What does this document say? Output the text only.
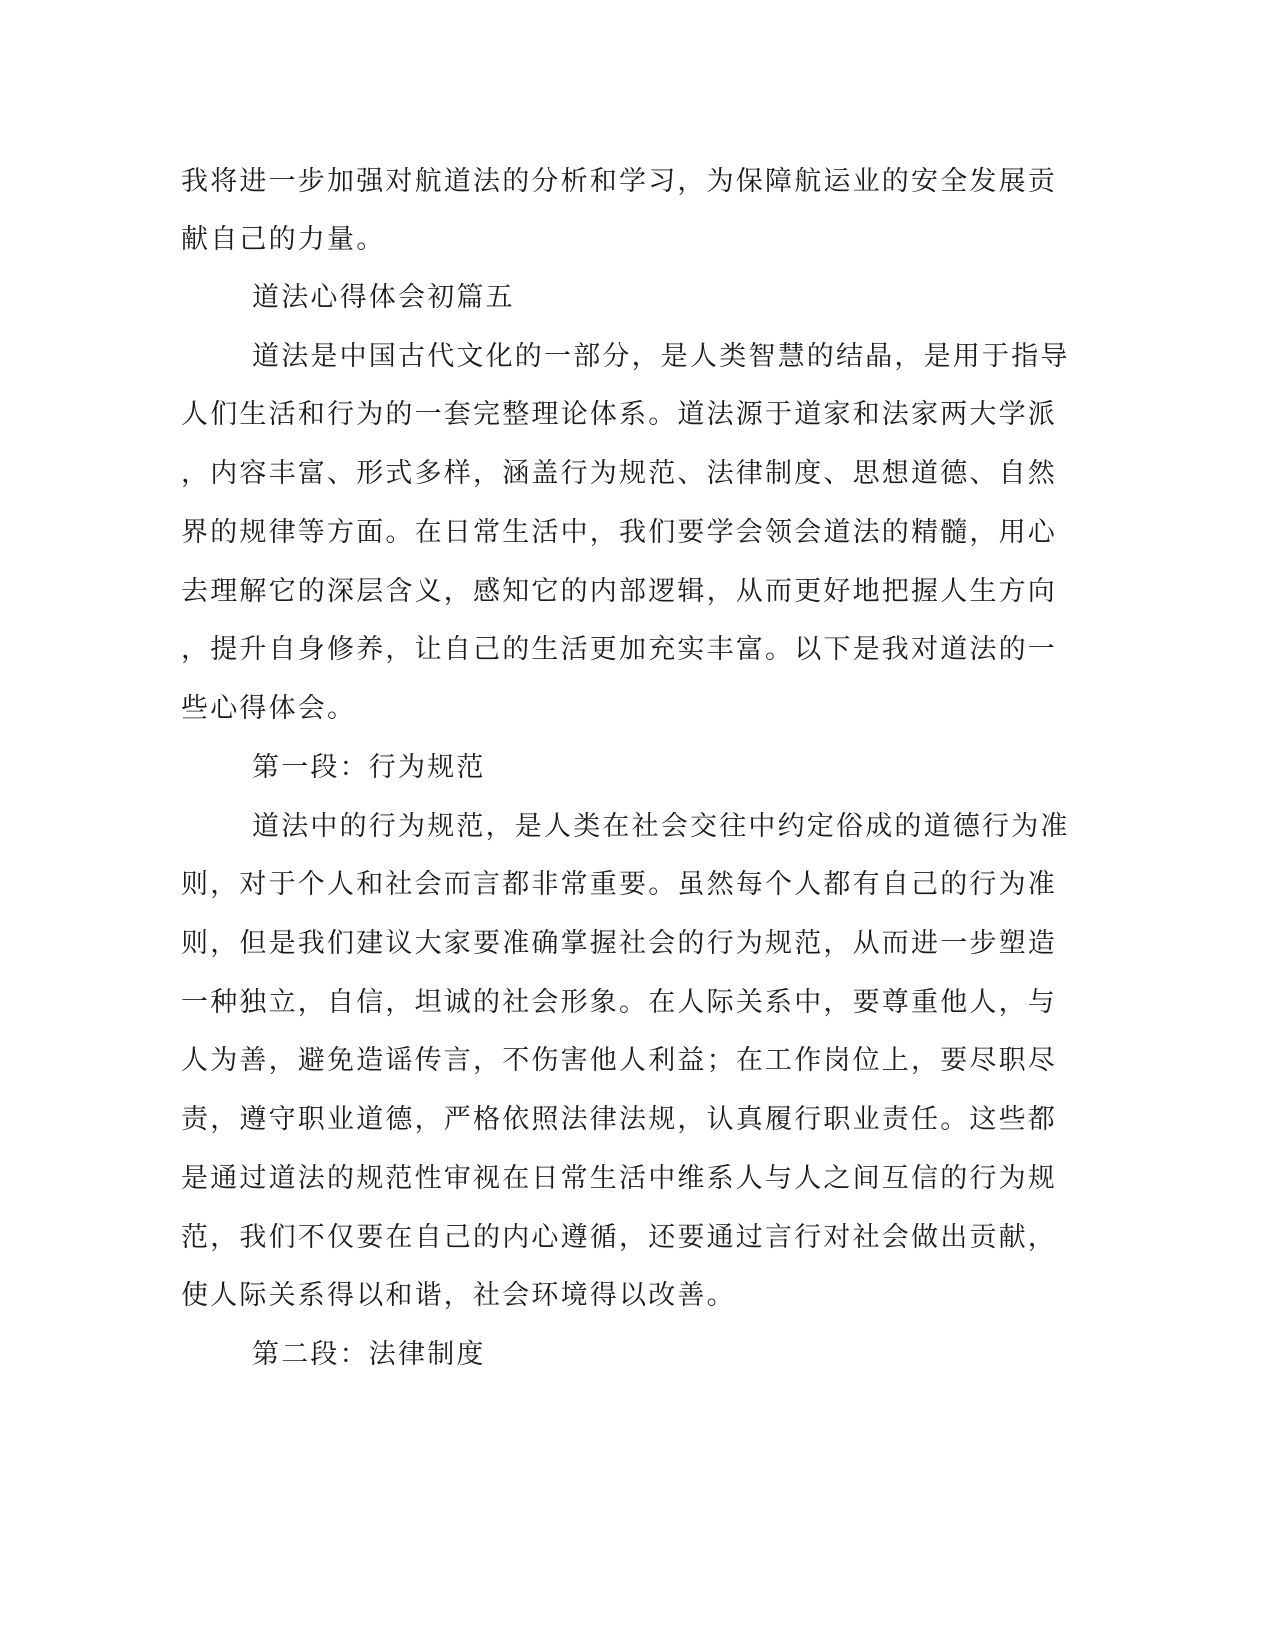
我将进一步加强对航道法的分析和学习，为保障航运业的安全发展贡

献自己的力量。

道法心得体会初篇五

道法是中国古代文化的一部分，是人类智慧的结晶，是用于指导

人们生活和行为的一套完整理论体系。道法源于道家和法家两大学派

，内容丰富、形式多样，涵盖行为规范、法律制度、思想道德、自然

界的规律等方面。在日常生活中，我们要学会领会道法的精髓，用心

去理解它的深层含义，感知它的内部逻辑，从而更好地把握人生方向

，提升自身修养，让自己的生活更加充实丰富。以下是我对道法的一

些心得体会。

第一段：行为规范

道法中的行为规范，是人类在社会交往中约定俗成的道德行为准

则，对于个人和社会而言都非常重要。虽然每个人都有自己的行为准

则，但是我们建议大家要准确掌握社会的行为规范，从而进一步塑造

一种独立，自信，坦诚的社会形象。在人际关系中，要尊重他人，与

人为善，避免造谣传言，不伤害他人利益；在工作岗位上，要尽职尽

责，遵守职业道德，严格依照法律法规，认真履行职业责任。这些都

是通过道法的规范性审视在日常生活中维系人与人之间互信的行为规

范，我们不仅要在自己的内心遵循，还要通过言行对社会做出贡献，

使人际关系得以和谐，社会环境得以改善。

第二段：法律制度
